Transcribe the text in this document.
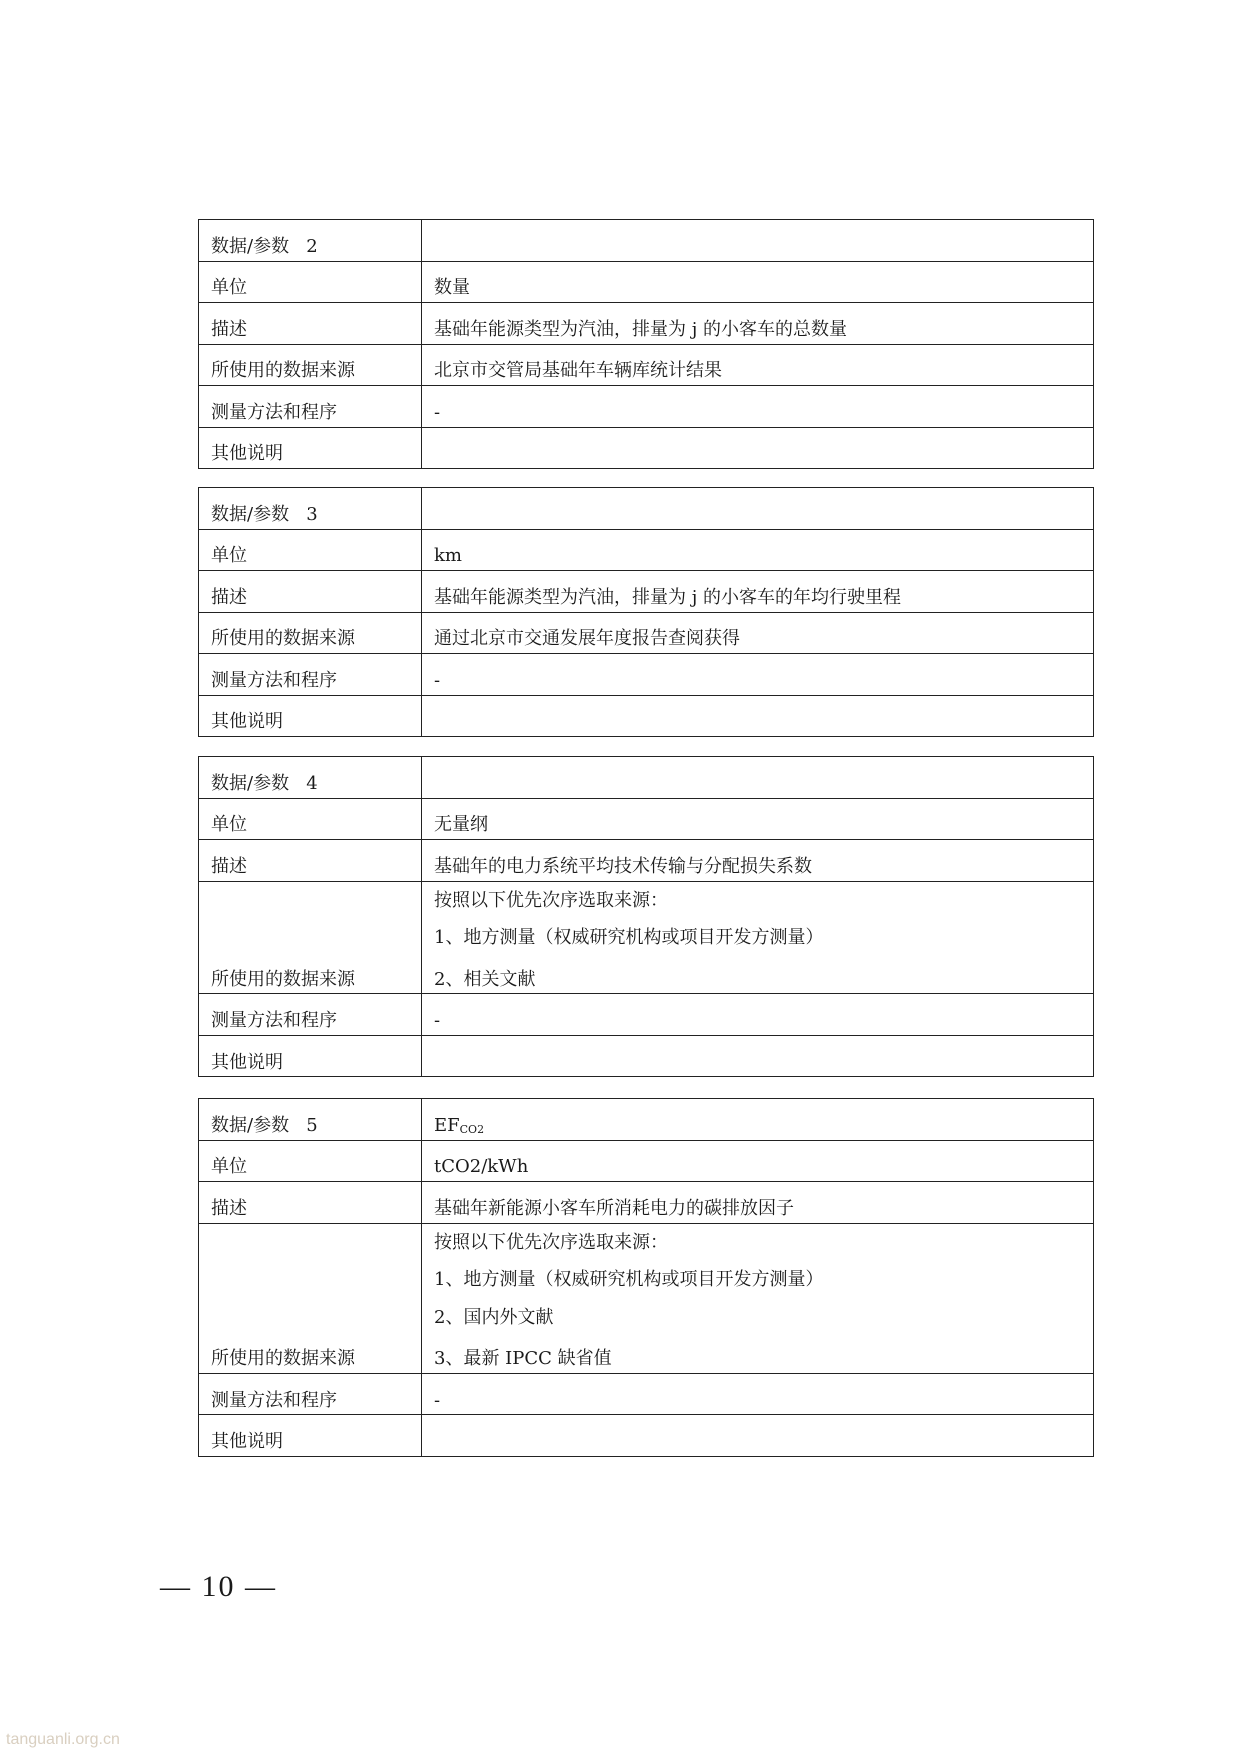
数据/参数 2	
单位	数量
描述	基础年能源类型为汽油，排量为 j 的小客车的总数量
所使用的数据来源	北京市交管局基础年车辆库统计结果

测量方法和程序	-
其他说明	
数据/参数 3	
单位	km
描述	基础年能源类型为汽油，排量为 j 的小客车的年均行驶里程
所使用的数据来源	通过北京市交通发展年度报告查阅获得

测量方法和程序	-
其他说明	
数据/参数 4	
单位	无量纲
描述	基础年的电力系统平均技术传输与分配损失系数
所使用的数据来源	按照以下优先次序选取来源：
1、地方测量（权威研究机构或项目开发方测量）
2、相关文献

测量方法和程序	-
其他说明	
数据/参数 5	$EF_{CO2}$
单位	tCO2/kWh
描述	基础年新能源小客车所消耗电力的碳排放因子
所使用的数据来源	按照以下优先次序选取来源：
1、地方测量（权威研究机构或项目开发方测量）
2、国内外文献
3、最新 IPCC 缺省值

测量方法和程序	-
其他说明	
— 10 —
tanguanli.org.cn
